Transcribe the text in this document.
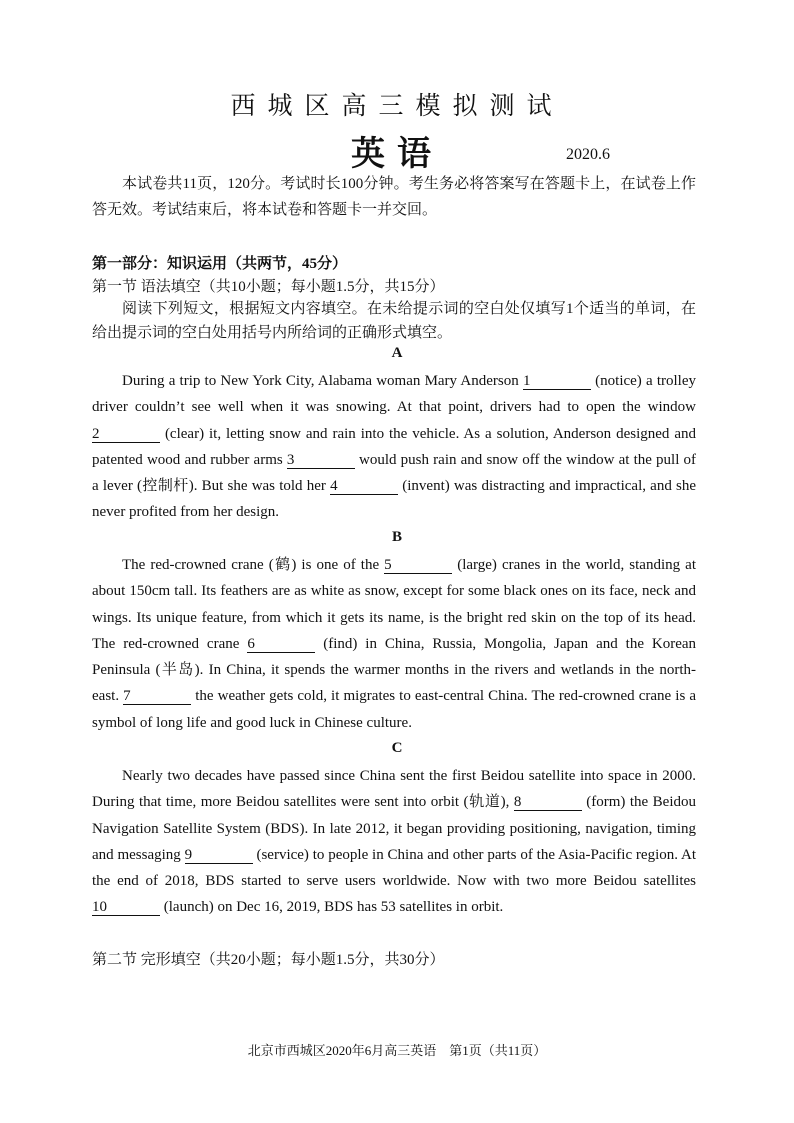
西城区高三模拟测试
英语	2020.6

本试卷共11页，120分。考试时长100分钟。考生务必将答案写在答题卡上，在试卷上作答无效。考试结束后，将本试卷和答题卡一并交回。

第一部分：知识运用（共两节，45分）
第一节 语法填空（共10小题；每小题1.5分，共15分）

阅读下列短文，根据短文内容填空。在未给提示词的空白处仅填写1个适当的单词，在给出提示词的空白处用括号内所给词的正确形式填空。

A

During a trip to New York City, Alabama woman Mary Anderson 1	(notice) a trolley driver couldn’t see well when it was snowing. At that point, drivers had to open the window 2	(clear) it, letting snow and rain into the vehicle. As a solution, Anderson designed and patented wood and rubber arms 3	would push rain and snow off the window at the pull of a lever (控制杆). But she was told her 4	(invent) was distracting and impractical, and she never profited from her design.

B

The red-crowned crane (鹤) is one of the 5	(large) cranes in the world, standing at about 150cm tall. Its feathers are as white as snow, except for some black ones on its face, neck and wings. Its unique feature, from which it gets its name, is the bright red skin on the top of its head. The red-crowned crane 6	(find) in China, Russia, Mongolia, Japan and the Korean Peninsula (半岛). In China, it spends the warmer months in the rivers and wetlands in the north-east. 7	the weather gets cold, it migrates to east-central China. The red-crowned crane is a symbol of long life and good luck in Chinese culture.

C

Nearly two decades have passed since China sent the first Beidou satellite into space in 2000. During that time, more Beidou satellites were sent into orbit (轨道), 8	(form) the Beidou Navigation Satellite System (BDS). In late 2012, it began providing positioning, navigation, timing and messaging 9	(service) to people in China and other parts of the Asia-Pacific region. At the end of 2018, BDS started to serve users worldwide. Now with two more Beidou satellites 10	(launch) on Dec 16, 2019, BDS has 53 satellites in orbit.

第二节 完形填空（共20小题；每小题1.5分，共30分）
北京市西城区2020年6月高三英语　第1页（共11页）
